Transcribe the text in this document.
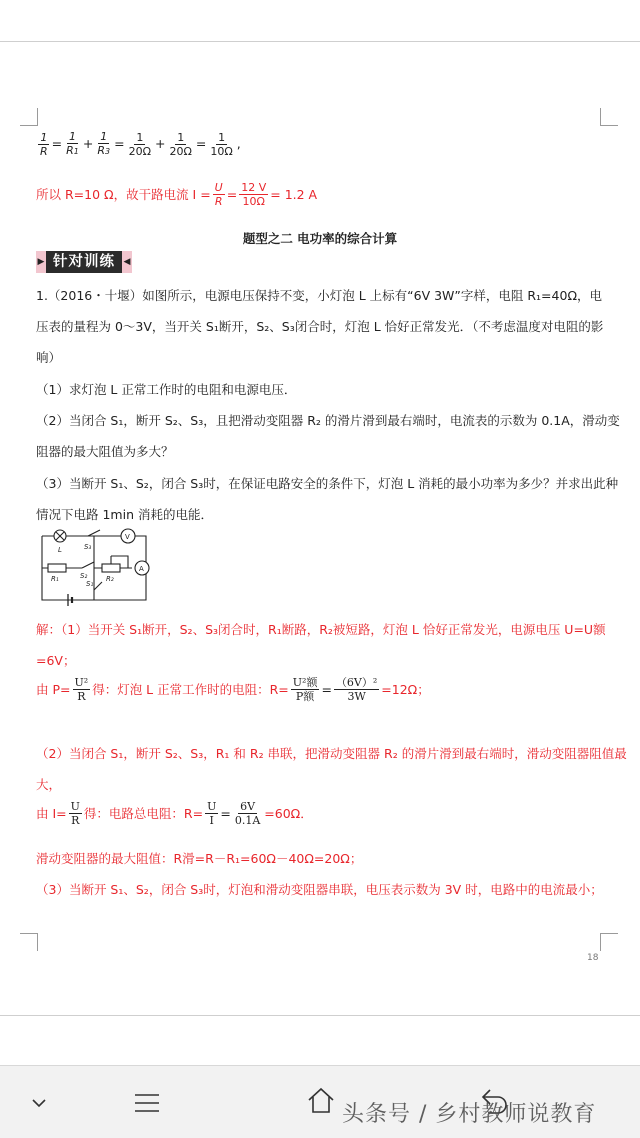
$\frac{1}{R} = \frac{1}{R1} + \frac{1}{R3} = \frac{1}{20\Omega} + \frac{1}{20\Omega} = \frac{1}{10\Omega}$ ,
所以 R=10 Ω，故干路电流 $I = \frac{U}{R} = \frac{12 V}{10\Omega} = 1.2$ A
题型之二 电功率的综合计算
▶ 针对训练 ◀
1.（2016・十堰）如图所示，电源电压保持不变，小灯泡 L 上标有“6V 3W”字样，电阻 R₁=40Ω，电
压表的量程为 0～3V，当开关 S₁断开，S₂、S₃闭合时，灯泡 L 恰好正常发光．（不考虑温度对电阻的影
响）
（1）求灯泡 L 正常工作时的电阻和电源电压．
（2）当闭合 S₁，断开 S₂、S₃，且把滑动变阻器 R₂ 的滑片滑到最右端时，电流表的示数为 0.1A，滑动变
阻器的最大阻值为多大？
（3）当断开 S₁、S₂，闭合 S₃时，在保证电路安全的条件下，灯泡 L 消耗的最小功率为多少？并求出此种
情况下电路 1min 消耗的电能．
L	S₃
V
R₁	S₂
S₁
R₂
A
解：（1）当开关 S₁断开，S₂、S₃闭合时，R₁断路，R₂被短路，灯泡 L 恰好正常发光，电源电压 U=U额
=6V；
由 $P= \frac{\text{U²}}{R}$ 得：灯泡 L 正常工作时的电阻：$R= \frac{\text{U²额}}{\text{P额}} = \frac{\text{（6V）²}}{3W} =12\Omega$；
（2）当闭合 S₁，断开 S₂、S₃，R₁ 和 R₂ 串联，把滑动变阻器 R₂ 的滑片滑到最右端时，滑动变阻器阻值最
大，
由 $I= \frac{U}{R}$ 得：电路总电阻：$R= \frac{U}{I} = \frac{6V}{0.1A} =60\Omega$．
滑动变阻器的最大阻值：R滑=R－R₁=60Ω－40Ω=20Ω；
（3）当断开 S₁、S₂，闭合 S₃时，灯泡和滑动变阻器串联，电压表示数为 3V 时，电路中的电流最小；
18
头条号 / 乡村教师说教育
